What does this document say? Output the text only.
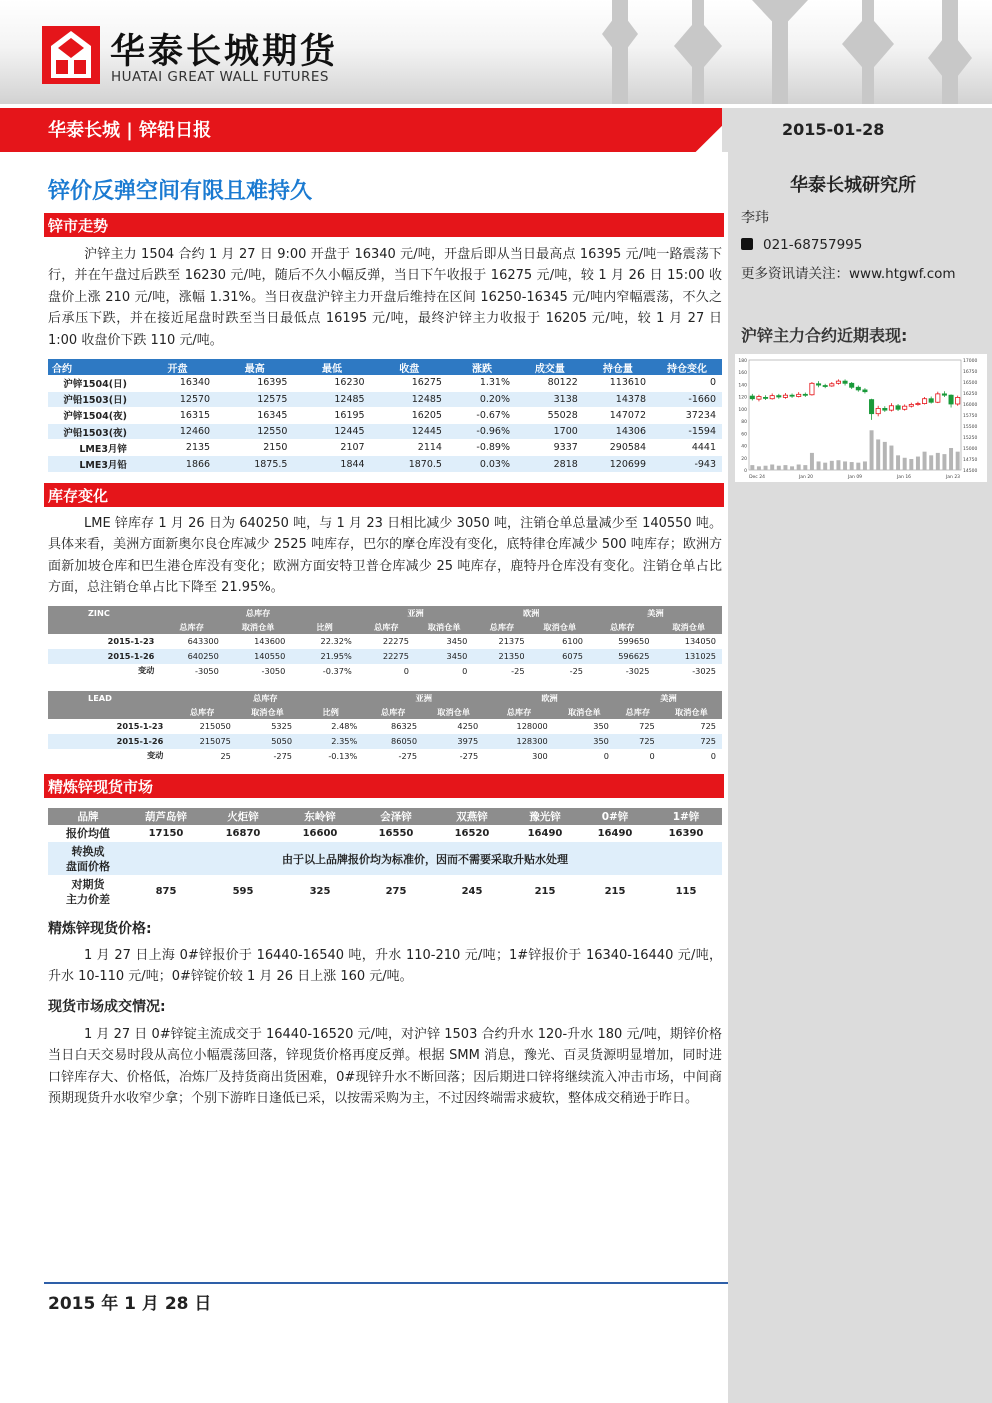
华泰长城期货
HUATAI GREAT WALL FUTURES
华泰长城 | 锌铅日报	2015-01-28
华泰长城研究所
李玮
021-68757995
更多资讯请关注：www.htgwf.com
沪锌主力合约近期表现:
180
160
140
120
100
80
60
40
20
0
17000
16750
16500
16250
16000
15750
15500
15250
15000
14750
14500
Dec 24	Jan 20	Jan 09	Jan 16	Jan 23
锌价反弹空间有限且难持久
锌市走势
沪锌主力 1504 合约 1 月 27 日 9:00 开盘于 16340 元/吨，开盘后即从当日最高点 16395 元/吨一路震荡下行，并在午盘过后跌至 16230 元/吨，随后不久小幅反弹，当日下午收报于 16275 元/吨，较 1 月 26 日 15:00 收盘价上涨 210 元/吨，涨幅 1.31%。当日夜盘沪锌主力开盘后维持在区间 16250-16345 元/吨内窄幅震荡，不久之后承压下跌，并在接近尾盘时跌至当日最低点 16195 元/吨，最终沪锌主力收报于 16205 元/吨，较 1 月 27 日 1:00 收盘价下跌 110 元/吨。
合约	开盘	最高	最低	收盘	涨跌	成交量	持仓量	持仓变化
沪锌1504(日)	16340	16395	16230	16275	1.31%	80122	113610	0
沪铅1503(日)	12570	12575	12485	12485	0.20%	3138	14378	-1660
沪锌1504(夜)	16315	16345	16195	16205	-0.67%	55028	147072	37234
沪铅1503(夜)	12460	12550	12445	12445	-0.96%	1700	14306	-1594
LME3月锌	2135	2150	2107	2114	-0.89%	9337	290584	4441
LME3月铅	1866	1875.5	1844	1870.5	0.03%	2818	120699	-943
库存变化
LME 锌库存 1 月 26 日为 640250 吨，与 1 月 23 日相比减少 3050 吨，注销仓单总量减少至 140550 吨。具体来看，美洲方面新奥尔良仓库减少 2525 吨库存，巴尔的摩仓库没有变化，底特律仓库减少 500 吨库存；欧洲方面新加坡仓库和巴生港仓库没有变化；欧洲方面安特卫普仓库减少 25 吨库存，鹿特丹仓库没有变化。注销仓单占比方面，总注销仓单占比下降至 21.95%。
ZINC	总库存			亚洲		欧洲		美洲	
	总库存	取消仓单	比例	总库存	取消仓单	总库存	取消仓单	总库存	取消仓单
2015-1-23	643300	143600	22.32%	22275	3450	21375	6100	599650	134050
2015-1-26	640250	140550	21.95%	22275	3450	21350	6075	596625	131025
变动	-3050	-3050	-0.37%	0	0	-25	-25	-3025	-3025
LEAD	总库存			亚洲		欧洲		美洲	
	总库存	取消仓单	比例	总库存	取消仓单	总库存	取消仓单	总库存	取消仓单
2015-1-23	215050	5325	2.48%	86325	4250	128000	350	725	725
2015-1-26	215075	5050	2.35%	86050	3975	128300	350	725	725
变动	25	-275	-0.13%	-275	-275	300	0	0	0
精炼锌现货市场
品牌	葫芦岛锌	火炬锌	东岭锌	会泽锌	双燕锌	豫光锌	0#锌	1#锌
报价均值	17150	16870	16600	16550	16520	16490	16490	16390

转换成
盘面价格	由于以上品牌报价均为标准价，因而不需要采取升贴水处理							

对期货
主力价差	875	595	325	275	245	215	215	115
精炼锌现货价格:
1 月 27 日上海 0#锌报价于 16440-16540 吨，升水 110-210 元/吨；1#锌报价于 16340-16440 元/吨，升水 10-110 元/吨；0#锌锭价较 1 月 26 日上涨 160 元/吨。
现货市场成交情况:
1 月 27 日 0#锌锭主流成交于 16440-16520 元/吨，对沪锌 1503 合约升水 120-升水 180 元/吨，期锌价格当日白天交易时段从高位小幅震荡回落，锌现货价格再度反弹。根据 SMM 消息，豫光、百灵货源明显增加，同时进口锌库存大、价格低，冶炼厂及持货商出货困难，0#现锌升水不断回落；因后期进口锌将继续流入冲击市场，中间商预期现货升水收窄少拿；个别下游昨日逢低已采，以按需采购为主，不过因终端需求疲软，整体成交稍逊于昨日。
2015 年 1 月 28 日
